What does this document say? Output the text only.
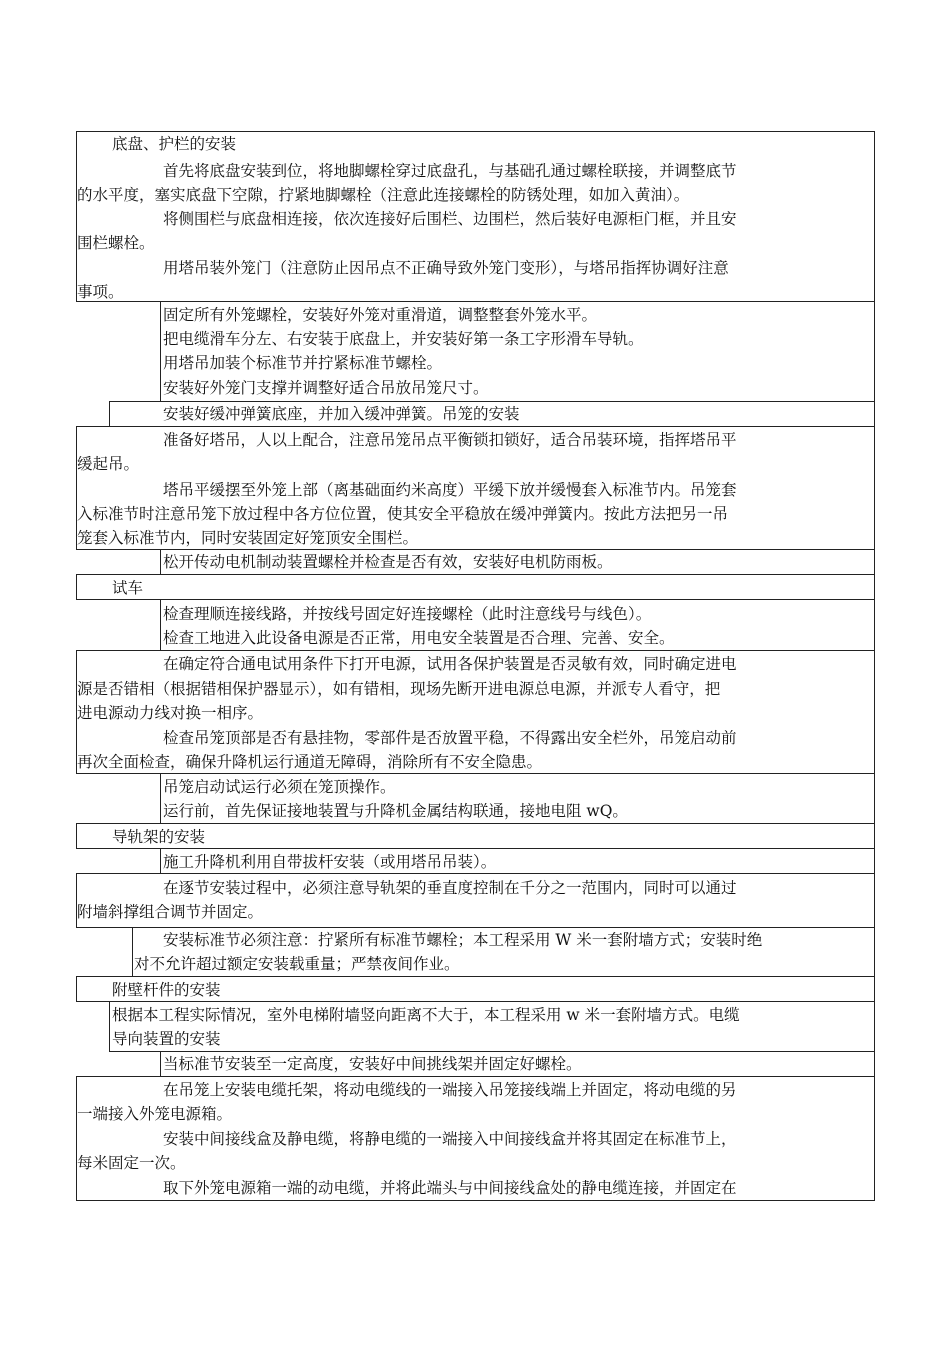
底盘、护栏的安装
首先将底盘安装到位，将地脚螺栓穿过底盘孔，与基础孔通过螺栓联接，并调整底节
的水平度，塞实底盘下空隙，拧紧地脚螺栓（注意此连接螺栓的防锈处理，如加入黄油）。
将侧围栏与底盘相连接，依次连接好后围栏、边围栏，然后装好电源柜门框，并且安
围栏螺栓。
用塔吊装外笼门（注意防止因吊点不正确导致外笼门变形），与塔吊指挥协调好注意
事项。
固定所有外笼螺栓，安装好外笼对重滑道，调整整套外笼水平。
把电缆滑车分左、右安装于底盘上，并安装好第一条工字形滑车导轨。
用塔吊加装个标准节并拧紧标准节螺栓。
安装好外笼门支撑并调整好适合吊放吊笼尺寸。
安装好缓冲弹簧底座，并加入缓冲弹簧。吊笼的安装
准备好塔吊，人以上配合，注意吊笼吊点平衡锁扣锁好，适合吊装环境，指挥塔吊平
缓起吊。
塔吊平缓摆至外笼上部（离基础面约米高度）平缓下放并缓慢套入标准节内。吊笼套
入标准节时注意吊笼下放过程中各方位位置，使其安全平稳放在缓冲弹簧内。按此方法把另一吊
笼套入标准节内，同时安装固定好笼顶安全围栏。
松开传动电机制动装置螺栓并检查是否有效，安装好电机防雨板。
试车
检查理顺连接线路，并按线号固定好连接螺栓（此时注意线号与线色）。
检查工地进入此设备电源是否正常，用电安全装置是否合理、完善、安全。
在确定符合通电试用条件下打开电源，试用各保护装置是否灵敏有效，同时确定进电
源是否错相（根据错相保护器显示），如有错相，现场先断开进电源总电源，并派专人看守，把
进电源动力线对换一相序。
检查吊笼顶部是否有悬挂物，零部件是否放置平稳，不得露出安全栏外，吊笼启动前
再次全面检查，确保升降机运行通道无障碍，消除所有不安全隐患。
吊笼启动试运行必须在笼顶操作。
运行前，首先保证接地装置与升降机金属结构联通，接地电阻 wQ。
导轨架的安装
施工升降机利用自带拔杆安装（或用塔吊吊装）。
在逐节安装过程中，必须注意导轨架的垂直度控制在千分之一范围内，同时可以通过
附墙斜撑组合调节并固定。
安装标准节必须注意：拧紧所有标准节螺栓；本工程采用 W 米一套附墙方式；安装时绝
对不允许超过额定安装载重量；严禁夜间作业。
附壁杆件的安装
根据本工程实际情况，室外电梯附墙竖向距离不大于，本工程采用 w 米一套附墙方式。电缆
导向装置的安装
当标准节安装至一定高度，安装好中间挑线架并固定好螺栓。
在吊笼上安装电缆托架，将动电缆线的一端接入吊笼接线端上并固定，将动电缆的另
一端接入外笼电源箱。
安装中间接线盒及静电缆，将静电缆的一端接入中间接线盒并将其固定在标准节上，
每米固定一次。
取下外笼电源箱一端的动电缆，并将此端头与中间接线盒处的静电缆连接，并固定在
